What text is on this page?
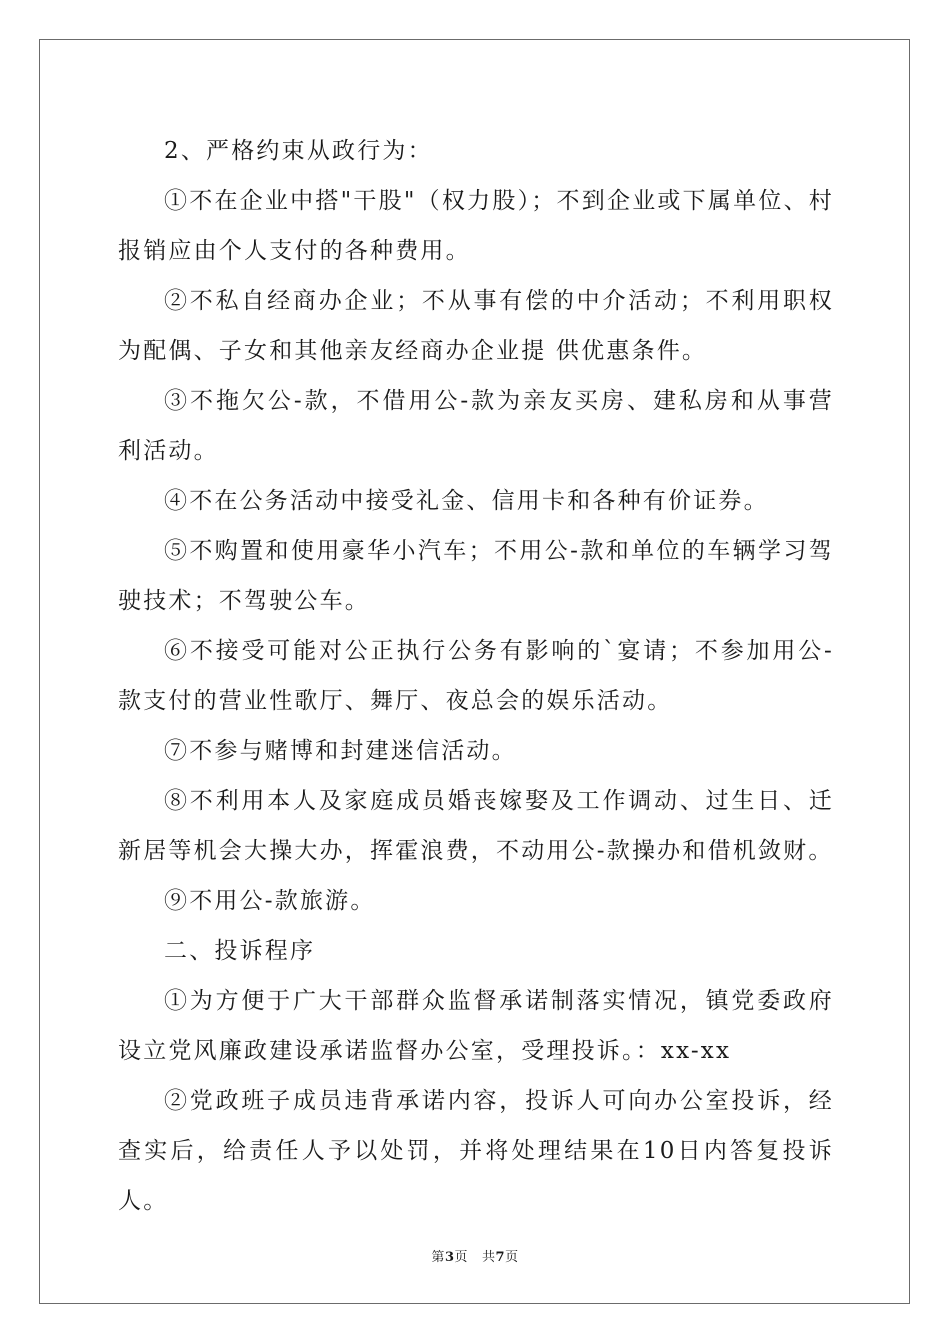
2、严格约束从政行为：

①不在企业中搭"干股"（权力股）；不到企业或下属单位、村报销应由个人支付的各种费用。

②不私自经商办企业；不从事有偿的中介活动；不利用职权为配偶、子女和其他亲友经商办企业提 供优惠条件。

③不拖欠公-款，不借用公-款为亲友买房、建私房和从事营利活动。

④不在公务活动中接受礼金、信用卡和各种有价证券。

⑤不购置和使用豪华小汽车；不用公-款和单位的车辆学习驾驶技术；不驾驶公车。

⑥不接受可能对公正执行公务有影响的`宴请；不参加用公-款支付的营业性歌厅、舞厅、夜总会的娱乐活动。

⑦不参与赌博和封建迷信活动。

⑧不利用本人及家庭成员婚丧嫁娶及工作调动、过生日、迁新居等机会大操大办，挥霍浪费，不动用公-款操办和借机敛财。

⑨不用公-款旅游。

二、投诉程序

①为方便于广大干部群众监督承诺制落实情况，镇党委政府设立党风廉政建设承诺监督办公室，受理投诉。：xx-xx

②党政班子成员违背承诺内容，投诉人可向办公室投诉，经查实后，给责任人予以处罚，并将处理结果在10日内答复投诉人。

第3页 共7页
